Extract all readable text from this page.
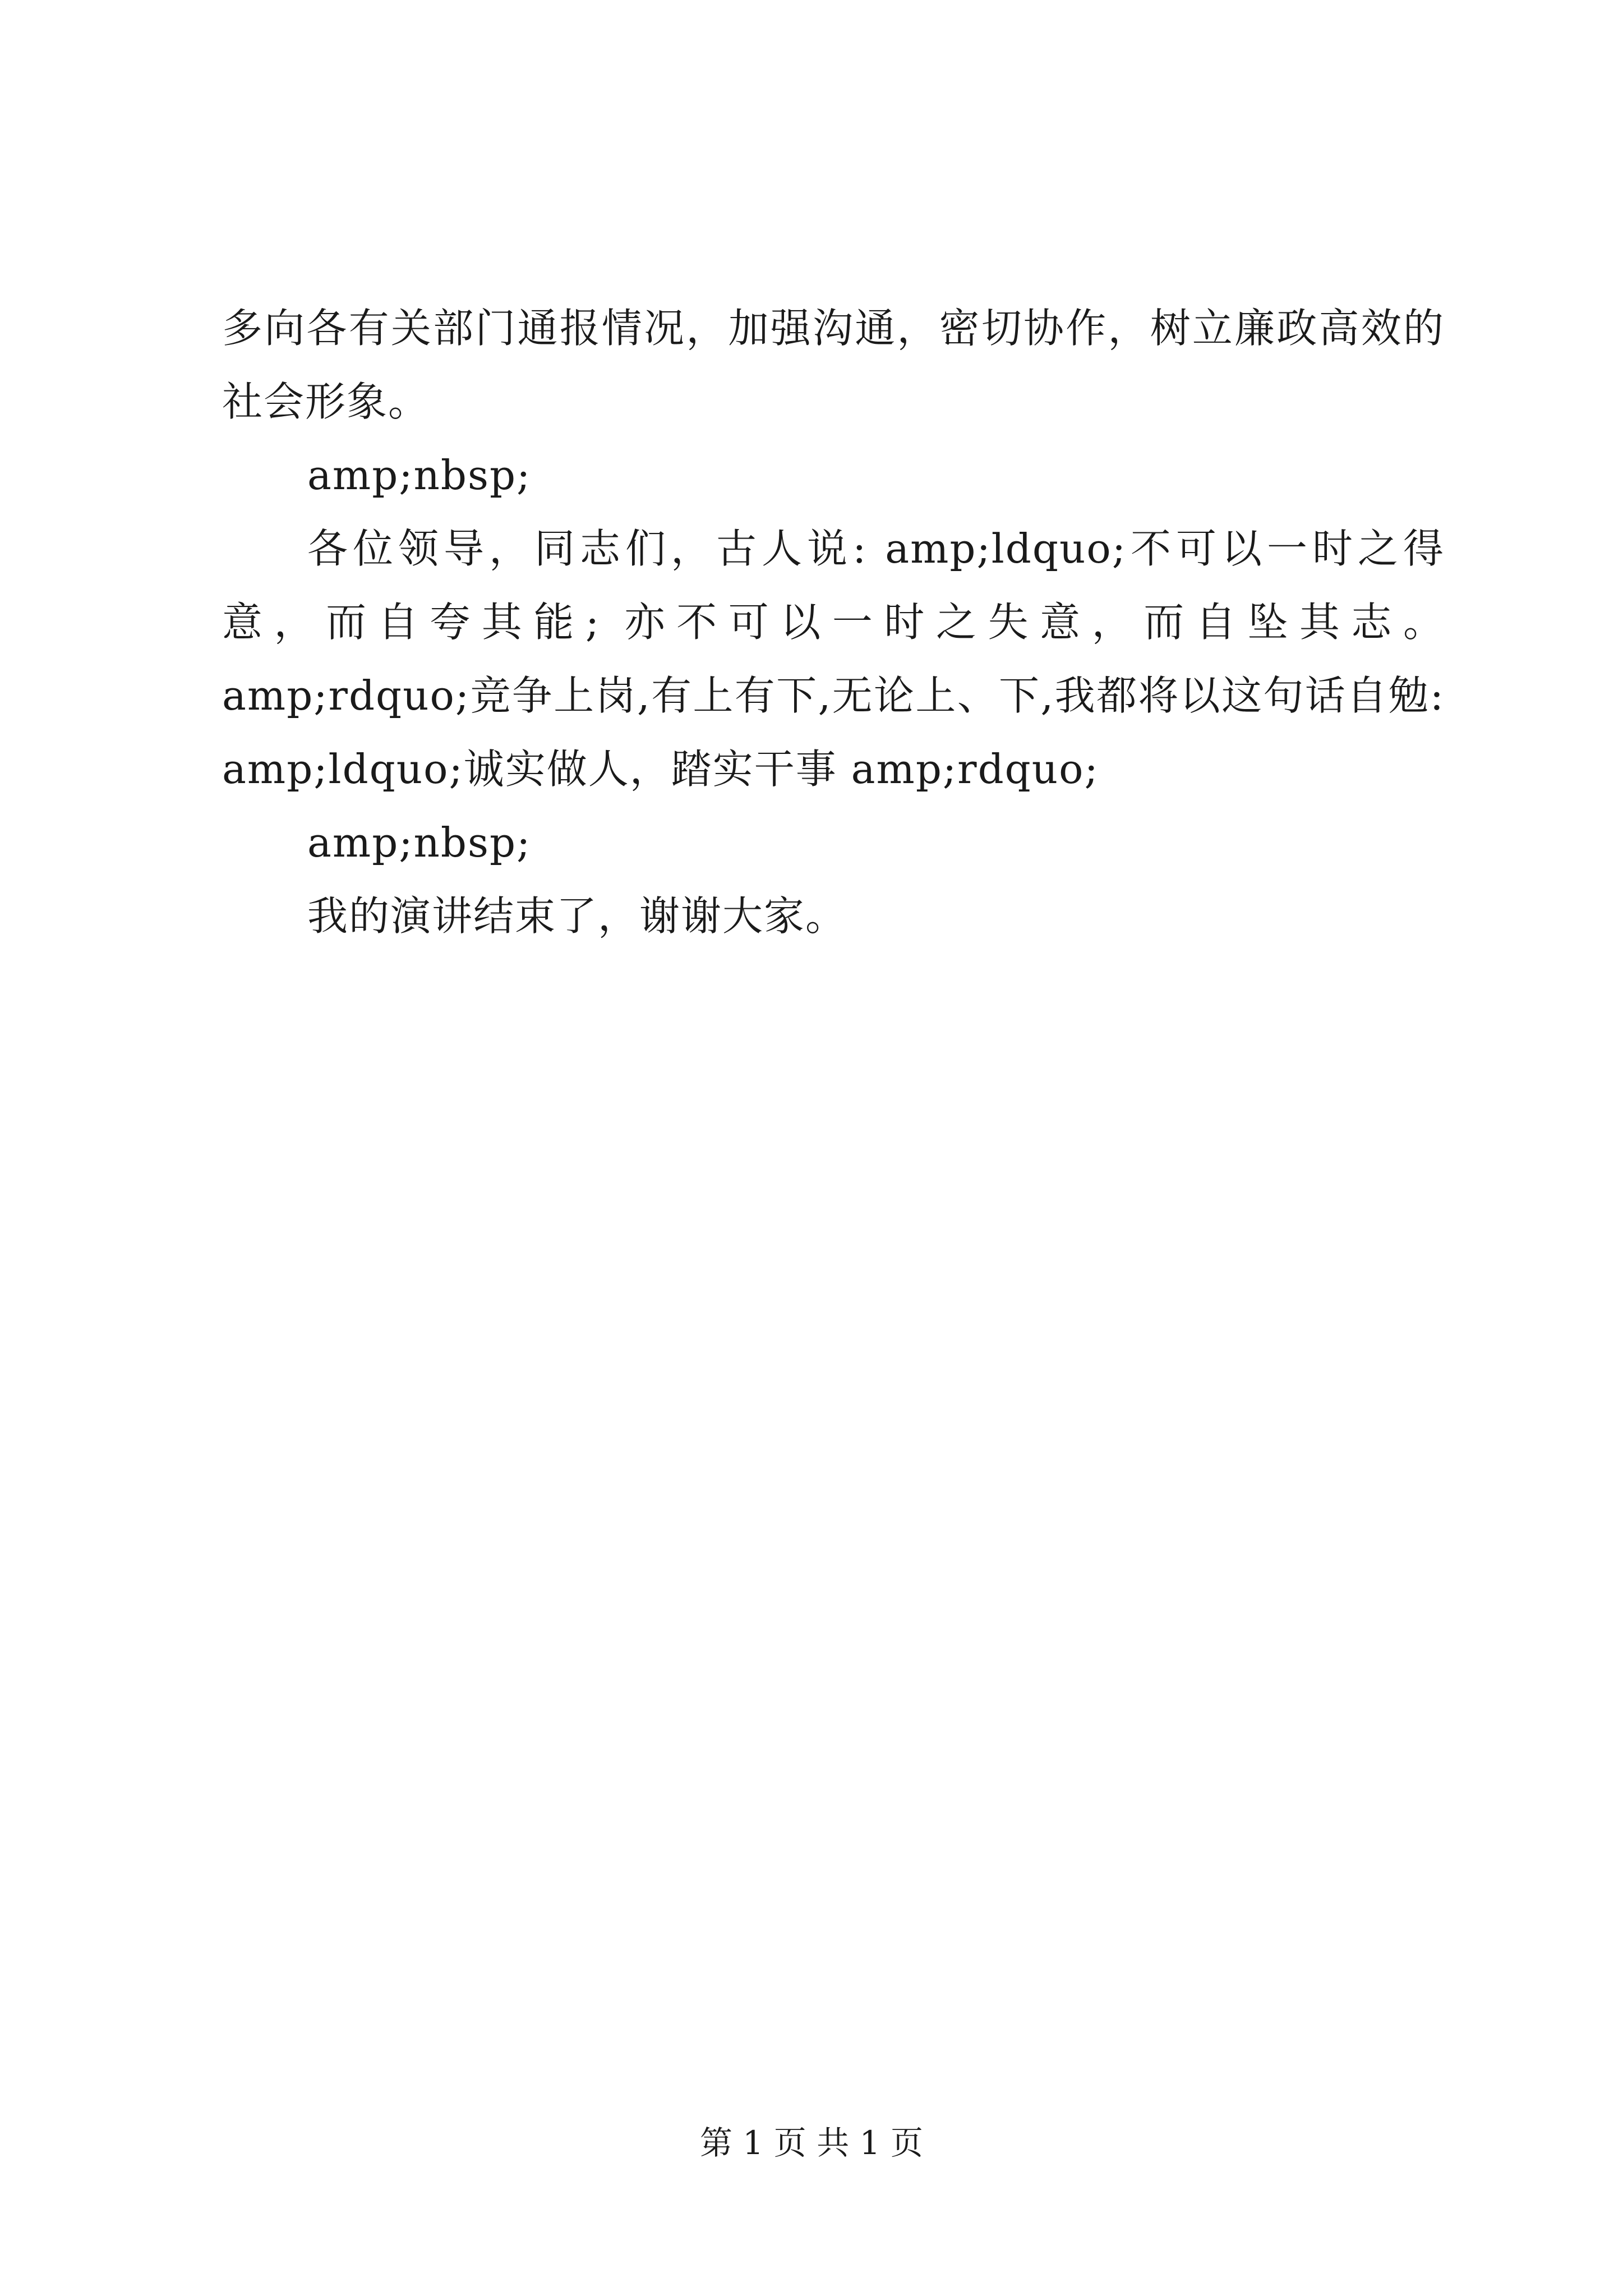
多向各有关部门通报情况，加强沟通，密切协作，树立廉政高效的社会形象。

amp;nbsp;

各位领导，同志们，古人说: amp;ldquo;不可以一时之得意，而自夸其能; 亦不可以一时之失意，而自坠其志。amp;rdquo;竞争上岗,有上有下,无论上、下,我都将以这句话自勉: amp;ldquo;诚实做人，踏实干事 amp;rdquo;

amp;nbsp;

我的演讲结束了，谢谢大家。

第 1 页 共 1 页
